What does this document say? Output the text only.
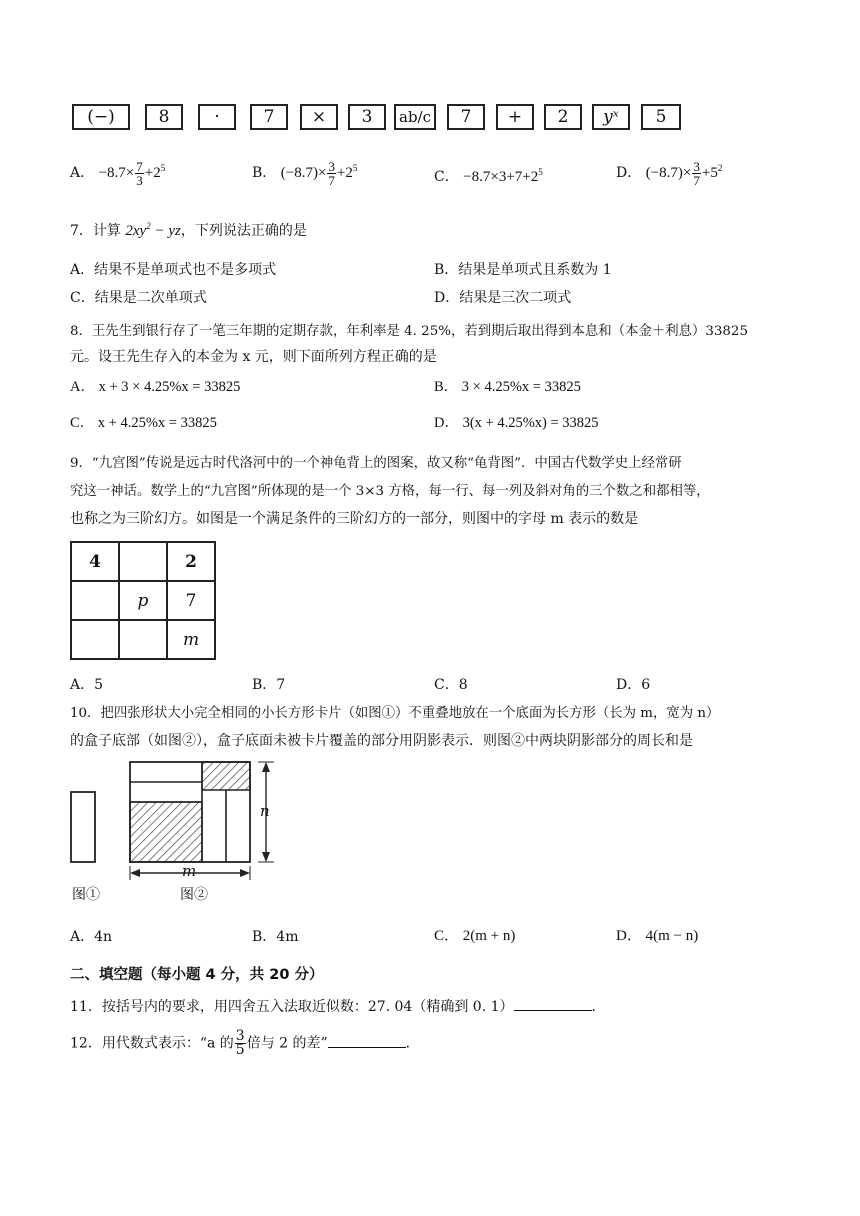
(−)	8	·	7	×	3	ab/c	7	+	2	yˣ	5
A． $-8.7\times \frac{7}{3} +2^5$	B． $(-8.7)\times \frac{3}{7} +2^5$
C． $-8.7\times 3+7+2^5$	D． $(-8.7)\times \frac{3}{7} +5^2$
7．计算 $2xy^2$ − yz，下列说法正确的是
A．结果不是单项式也不是多项式	B．结果是单项式且系数为 1
C．结果是二次单项式	D．结果是三次二项式
8．王先生到银行存了一笔三年期的定期存款，年利率是 4. 25%，若到期后取出得到本息和（本金＋利息）33825
元。设王先生存入的本金为 x 元，则下面所列方程正确的是
A． x + 3 × 4.25%x = 33825	B． 3 × 4.25%x = 33825
C． x + 4.25%x = 33825	D． 3(x + 4.25%x) = 33825
9．“九宫图”传说是远古时代洛河中的一个神龟背上的图案，故又称“龟背图”．中国古代数学史上经常研
究这一神话。数学上的“九宫图”所体现的是一个 3×3 方格，每一行、每一列及斜对角的三个数之和都相等，
也称之为三阶幻方。如图是一个满足条件的三阶幻方的一部分，则图中的字母 m 表示的数是
4		2
	p	7
		m
A．5	B．7	C．8	D．6
10．把四张形状大小完全相同的小长方形卡片（如图①）不重叠地放在一个底面为长方形（长为 m，宽为 n）
的盒子底部（如图②），盒子底面未被卡片覆盖的部分用阴影表示．则图②中两块阴影部分的周长和是
n
m
图①	图②
A．4n	B．4m	C． 2(m + n)	D． 4(m − n)
二、填空题（每小题 4 分，共 20 分）
11．按括号内的要求，用四舍五入法取近似数：27. 04（精确到 0. 1）	．
12．用代数式表示：“a 的 $\frac{3}{5}$ 倍与 2 的差”	．
